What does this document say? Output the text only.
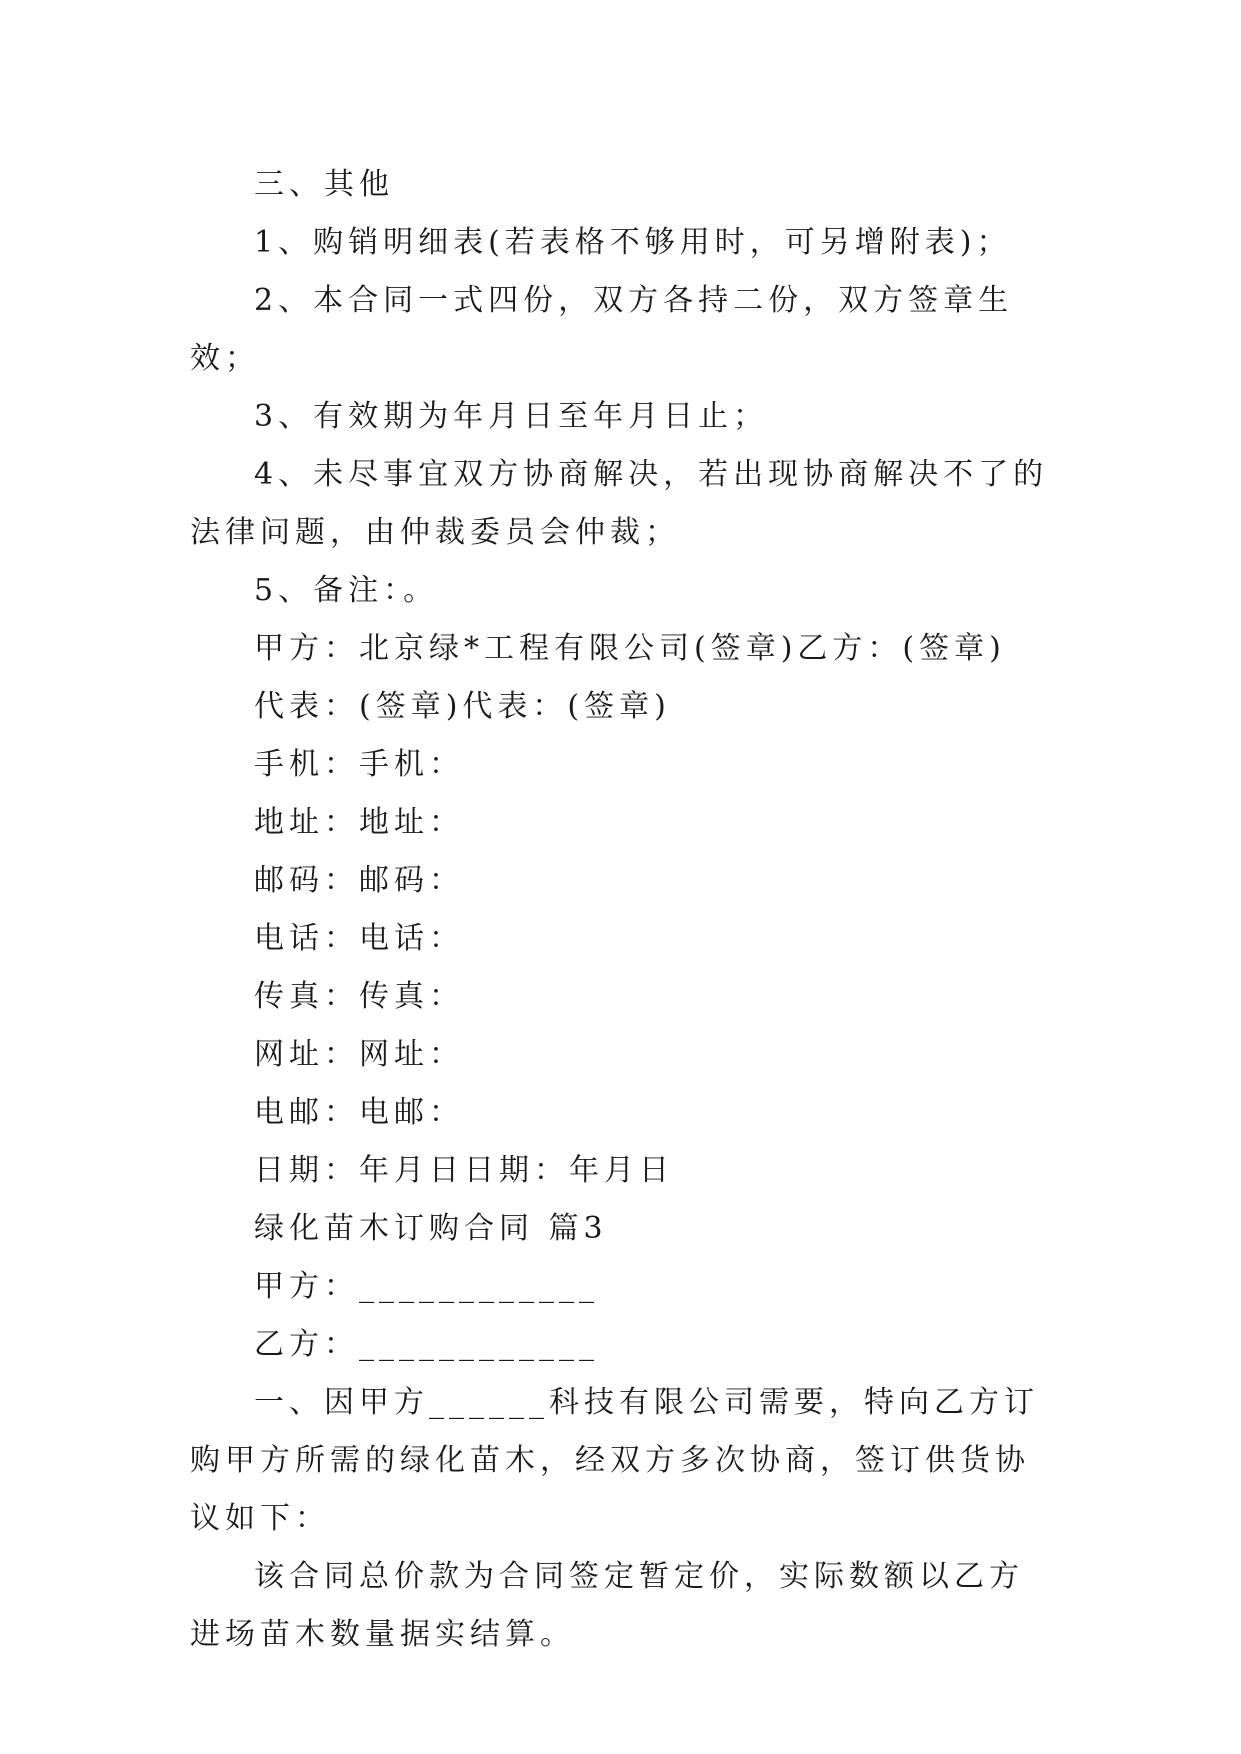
三、其他

1、购销明细表(若表格不够用时，可另增附表)；

2、本合同一式四份，双方各持二份，双方签章生效；

3、有效期为年月日至年月日止；

4、未尽事宜双方协商解决，若出现协商解决不了的法律问题，由仲裁委员会仲裁；

5、备注：。

甲方：北京绿*工程有限公司(签章)乙方：(签章)

代表：(签章)代表：(签章)

手机：手机：

地址：地址：

邮码：邮码：

电话：电话：

传真：传真：

网址：网址：

电邮：电邮：

日期：年月日日期：年月日

绿化苗木订购合同 篇3

甲方：____________

乙方：____________

一、因甲方______科技有限公司需要，特向乙方订购甲方所需的绿化苗木，经双方多次协商，签订供货协议如下：

该合同总价款为合同签定暂定价，实际数额以乙方进场苗木数量据实结算。
